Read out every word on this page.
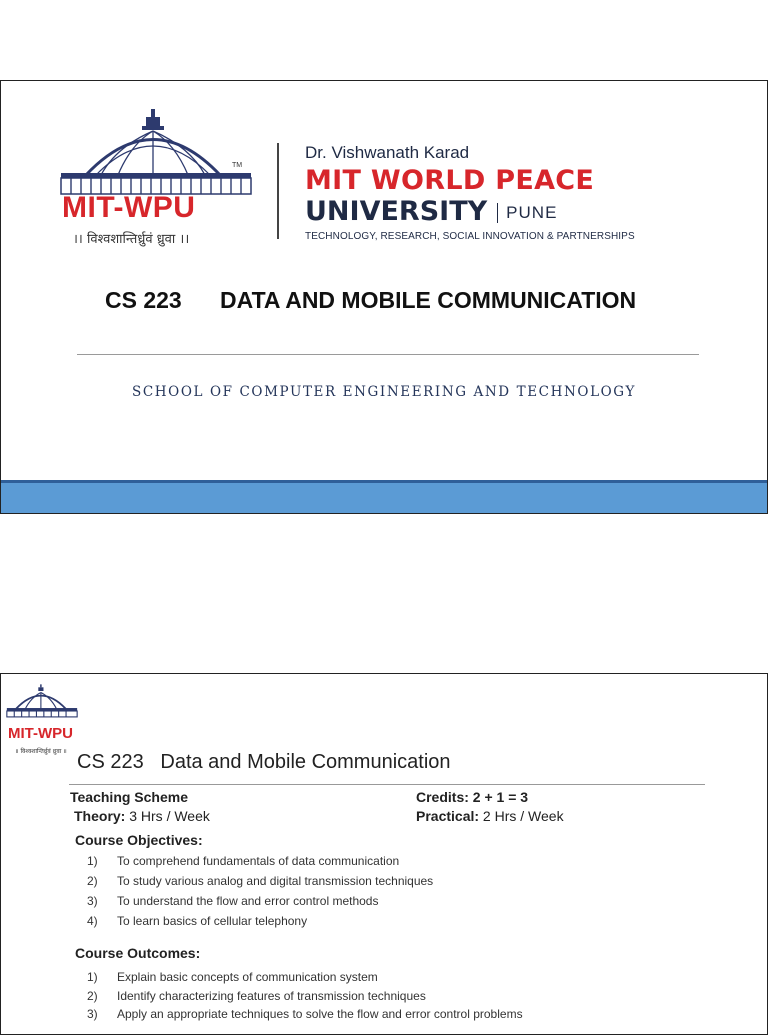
TM
MIT-WPU
।। विश्वशान्तिर्ध्रुवं ध्रुवा ।।
Dr. Vishwanath Karad
MIT WORLD PEACE
UNIVERSITY PUNE
TECHNOLOGY, RESEARCH, SOCIAL INNOVATION & PARTNERSHIPS
CS 223      DATA AND MOBILE COMMUNICATION
SCHOOL OF COMPUTER ENGINEERING AND TECHNOLOGY
MIT-WPU
॥ विश्वशान्तिर्ध्रुवं ध्रुवा ॥ CS 223   Data and Mobile Communication
Teaching Scheme
Theory: 3 Hrs / Week
Credits: 2 + 1 = 3
Practical: 2 Hrs / Week
Course Objectives:
1) To comprehend fundamentals of data communication
2) To study various analog and digital transmission techniques
3) To understand the flow and error control methods
4) To learn basics of cellular telephony
Course Outcomes:
1) Explain basic concepts of communication system
2) Identify characterizing features of transmission techniques
3) Apply an appropriate techniques to solve the flow and error control problems
